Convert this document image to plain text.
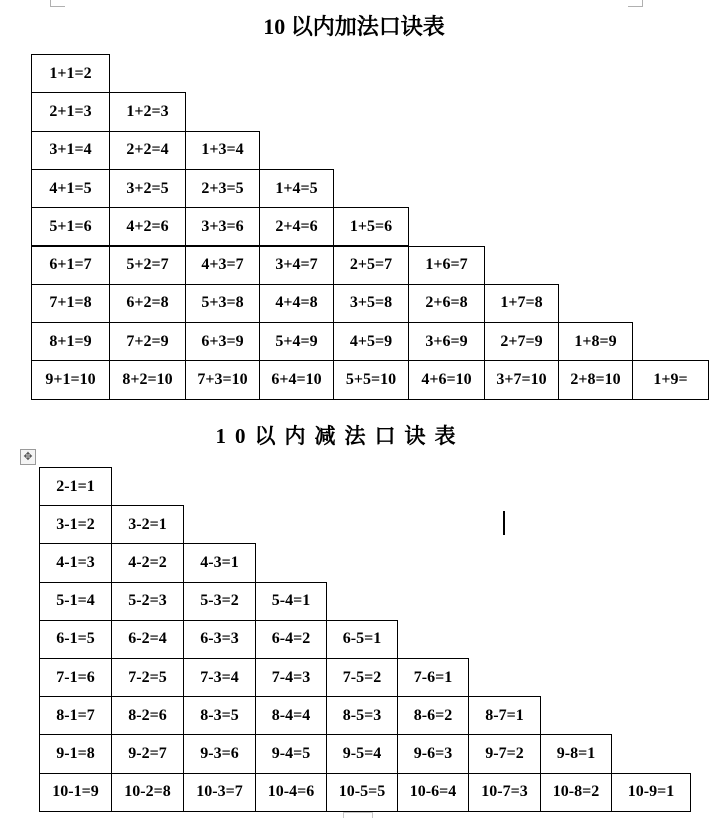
10 以内加法口诀表
1+1=2
2+1=3	1+2=3
3+1=4	2+2=4	1+3=4
4+1=5	3+2=5	2+3=5	1+4=5
5+1=6	4+2=6	3+3=6	2+4=6	1+5=6
6+1=7	5+2=7	4+3=7	3+4=7	2+5=7	1+6=7
7+1=8	6+2=8	5+3=8	4+4=8	3+5=8	2+6=8	1+7=8
8+1=9	7+2=9	6+3=9	5+4=9	4+5=9	3+6=9	2+7=9	1+8=9
9+1=10	8+2=10	7+3=10	6+4=10	5+5=10	4+6=10	3+7=10	2+8=10	1+9=
10以内减法口诀表
✥
2-1=1
3-1=2	3-2=1
4-1=3	4-2=2	4-3=1
5-1=4	5-2=3	5-3=2	5-4=1
6-1=5	6-2=4	6-3=3	6-4=2	6-5=1
7-1=6	7-2=5	7-3=4	7-4=3	7-5=2	7-6=1
8-1=7	8-2=6	8-3=5	8-4=4	8-5=3	8-6=2	8-7=1
9-1=8	9-2=7	9-3=6	9-4=5	9-5=4	9-6=3	9-7=2	9-8=1
10-1=9	10-2=8	10-3=7	10-4=6	10-5=5	10-6=4	10-7=3	10-8=2	10-9=1
